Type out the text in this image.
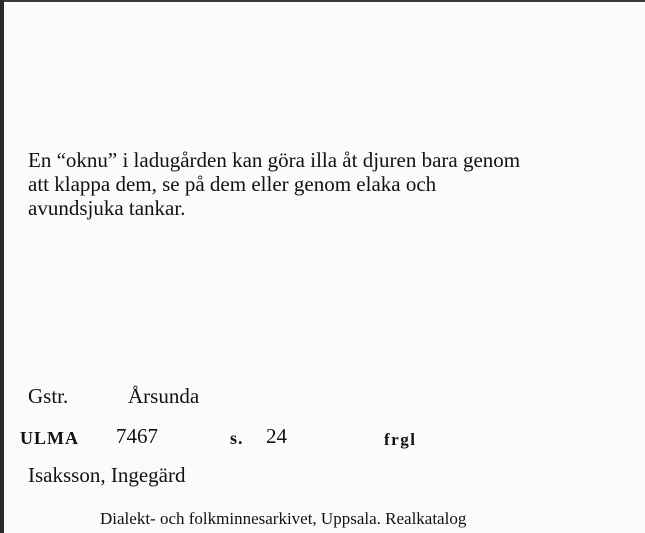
En “oknu” i ladugården kan göra illa åt djuren bara genom
att klappa dem, se på dem eller genom elaka och
avundsjuka tankar.

Gstr.	Årsunda
ULMA 7467	s. 24	frgl
Isaksson, Ingegärd
Dialekt- och folkminnesarkivet, Uppsala. Realkatalog
